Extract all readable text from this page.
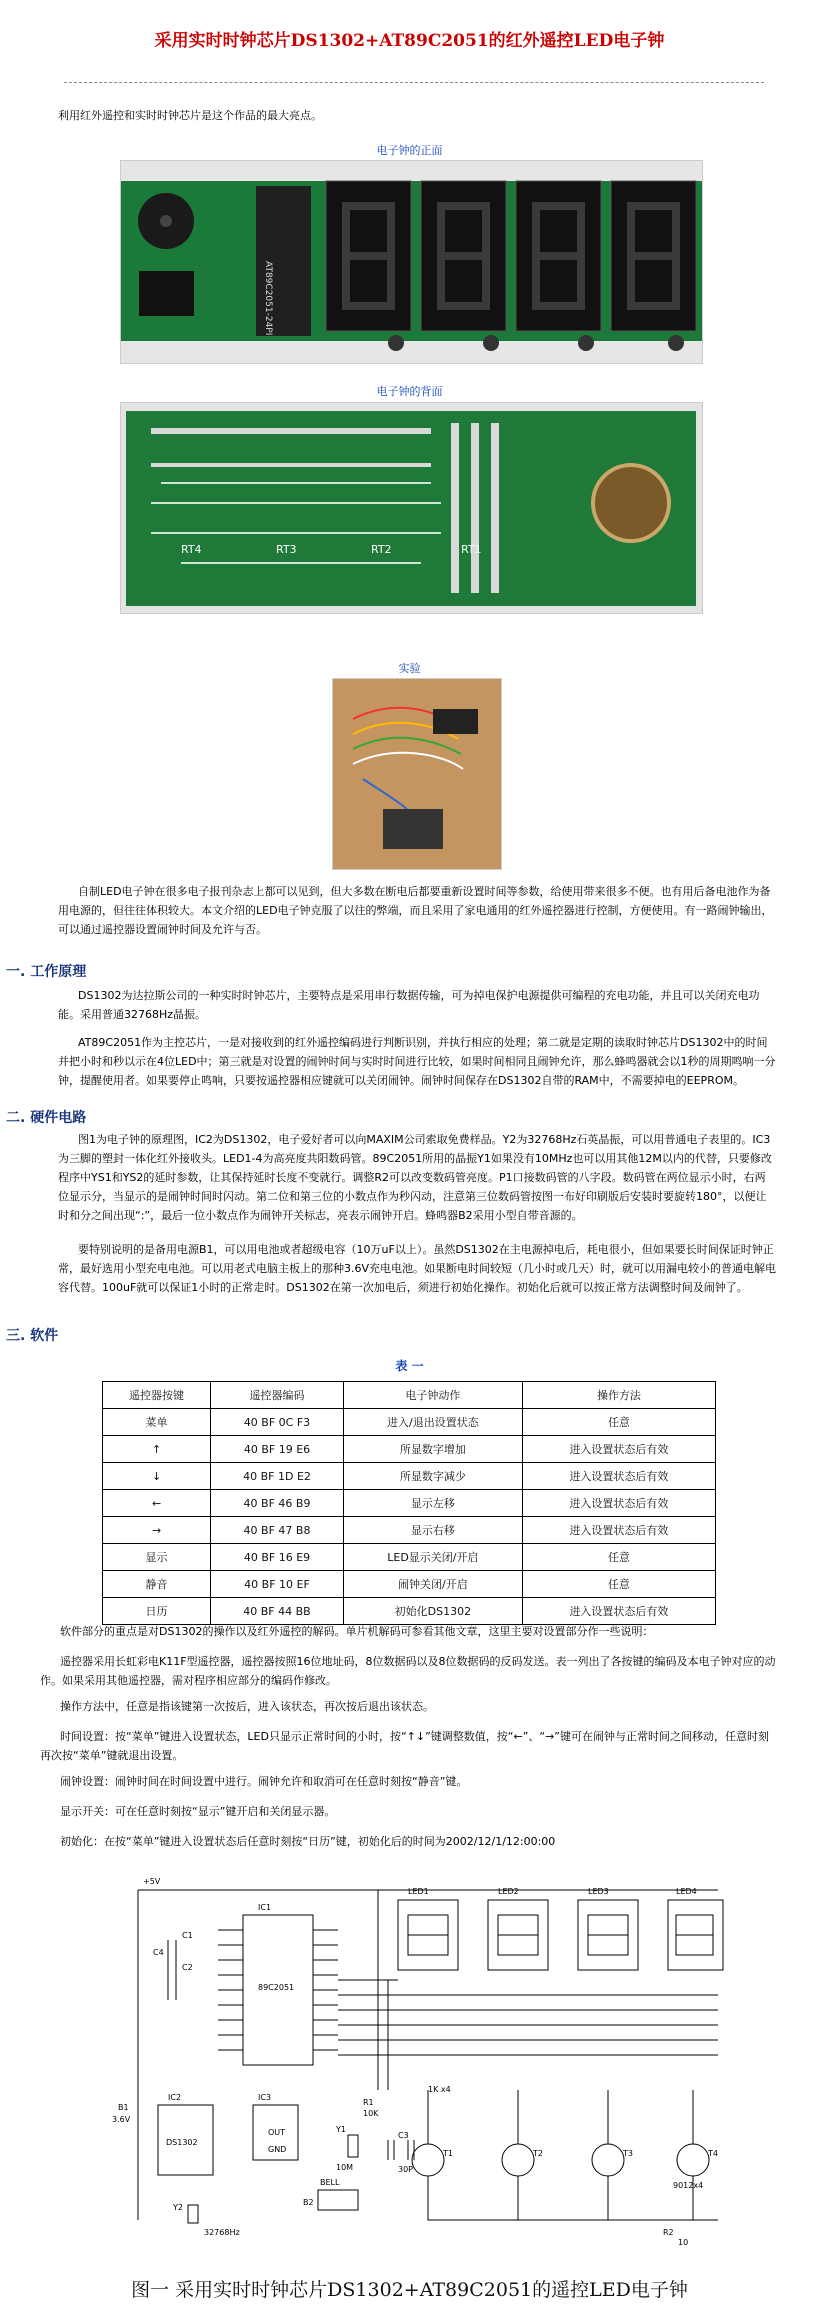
采用实时时钟芯片DS1302+AT89C2051的红外遥控LED电子钟
利用红外遥控和实时时钟芯片是这个作品的最大亮点。
电子钟的正面
AT89C2051-24PI
电子钟的背面
RT4	RT3	RT2	RT1
实验
自制LED电子钟在很多电子报刊杂志上都可以见到，但大多数在断电后都要重新设置时间等参数，给使用带来很多不便。也有用后备电池作为备用电源的，但往往体积较大。本文介绍的LED电子钟克服了以往的弊端，而且采用了家电通用的红外遥控器进行控制，方便使用。有一路闹钟输出，可以通过遥控器设置闹钟时间及允许与否。
一. 工作原理
DS1302为达拉斯公司的一种实时时钟芯片，主要特点是采用串行数据传输，可为掉电保护电源提供可编程的充电功能，并且可以关闭充电功能。采用普通32768Hz晶振。
AT89C2051作为主控芯片，一是对接收到的红外遥控编码进行判断识别，并执行相应的处理；第二就是定期的读取时钟芯片DS1302中的时间并把小时和秒以示在4位LED中；第三就是对设置的闹钟时间与实时时间进行比较，如果时间相同且闹钟允许，那么蜂鸣器就会以1秒的周期鸣响一分钟，提醒使用者。如果要停止鸣响，只要按遥控器相应键就可以关闭闹钟。闹钟时间保存在DS1302自带的RAM中，不需要掉电的EEPROM。
二. 硬件电路
图1为电子钟的原理图，IC2为DS1302，电子爱好者可以向MAXIM公司索取免费样品。Y2为32768Hz石英晶振，可以用普通电子表里的。IC3为三脚的塑封一体化红外接收头。LED1-4为高亮度共阳数码管。89C2051所用的晶振Y1如果没有10MHz也可以用其他12M以内的代替，只要修改程序中YS1和YS2的延时参数，让其保持延时长度不变就行。调整R2可以改变数码管亮度。P1口接数码管的八字段。数码管在两位显示小时，右两位显示分，当显示的是闹钟时间时闪动。第二位和第三位的小数点作为秒闪动，注意第三位数码管按图一布好印刷版后安装时要旋转180°，以便让时和分之间出现“:”，最后一位小数点作为闹钟开关标志，亮表示闹钟开启。蜂鸣器B2采用小型自带音源的。
要特别说明的是备用电源B1，可以用电池或者超级电容（10万uF以上）。虽然DS1302在主电源掉电后，耗电很小，但如果要长时间保证时钟正常，最好选用小型充电电池。可以用老式电脑主板上的那种3.6V充电电池。如果断电时间较短（几小时或几天）时，就可以用漏电较小的普通电解电容代替。100uF就可以保证1小时的正常走时。DS1302在第一次加电后，须进行初始化操作。初始化后就可以按正常方法调整时间及闹钟了。
三. 软件
表 一
遥控器按键	遥控器编码	电子钟动作	操作方法
菜单	40 BF 0C F3	进入/退出设置状态	任意
↑	40 BF 19 E6	所显数字增加	进入设置状态后有效
↓	40 BF 1D E2	所显数字减少	进入设置状态后有效
←	40 BF 46 B9	显示左移	进入设置状态后有效
→	40 BF 47 B8	显示右移	进入设置状态后有效
显示	40 BF 16 E9	LED显示关闭/开启	任意
静音	40 BF 10 EF	闹钟关闭/开启	任意
日历	40 BF 44 BB	初始化DS1302	进入设置状态后有效
软件部分的重点是对DS1302的操作以及红外遥控的解码。单片机解码可参看其他文章，这里主要对设置部分作一些说明：
遥控器采用长虹彩电K11F型遥控器，遥控器按照16位地址码，8位数据码以及8位数据码的反码发送。表一列出了各按键的编码及本电子钟对应的动作。如果采用其他遥控器，需对程序相应部分的编码作修改。
操作方法中，任意是指该键第一次按后，进入该状态，再次按后退出该状态。
时间设置：按“菜单”键进入设置状态，LED只显示正常时间的小时，按“↑↓”键调整数值，按“←”、“→”键可在闹钟与正常时间之间移动，任意时刻再次按“菜单”键就退出设置。
闹钟设置：闹钟时间在时间设置中进行。闹钟允许和取消可在任意时刻按“静音”键。
显示开关：可在任意时刻按“显示”键开启和关闭显示器。
初始化：在按“菜单”键进入设置状态后任意时刻按“日历”键，初始化后的时间为2002/12/1/12:00:00
+5V
IC1
89C2051
IC2
DS1302
IC3
OUT
GND
LED1	LED2	LED3	LED4
B1
3.6V
Y1
10M
Y2
32768Hz
R1
10K
R2
10
BELL
B2
T1	T2	T3	T4
9012x4
C1
C2
C3
C4
30P
1K x4
图一 采用实时时钟芯片DS1302+AT89C2051的遥控LED电子钟
